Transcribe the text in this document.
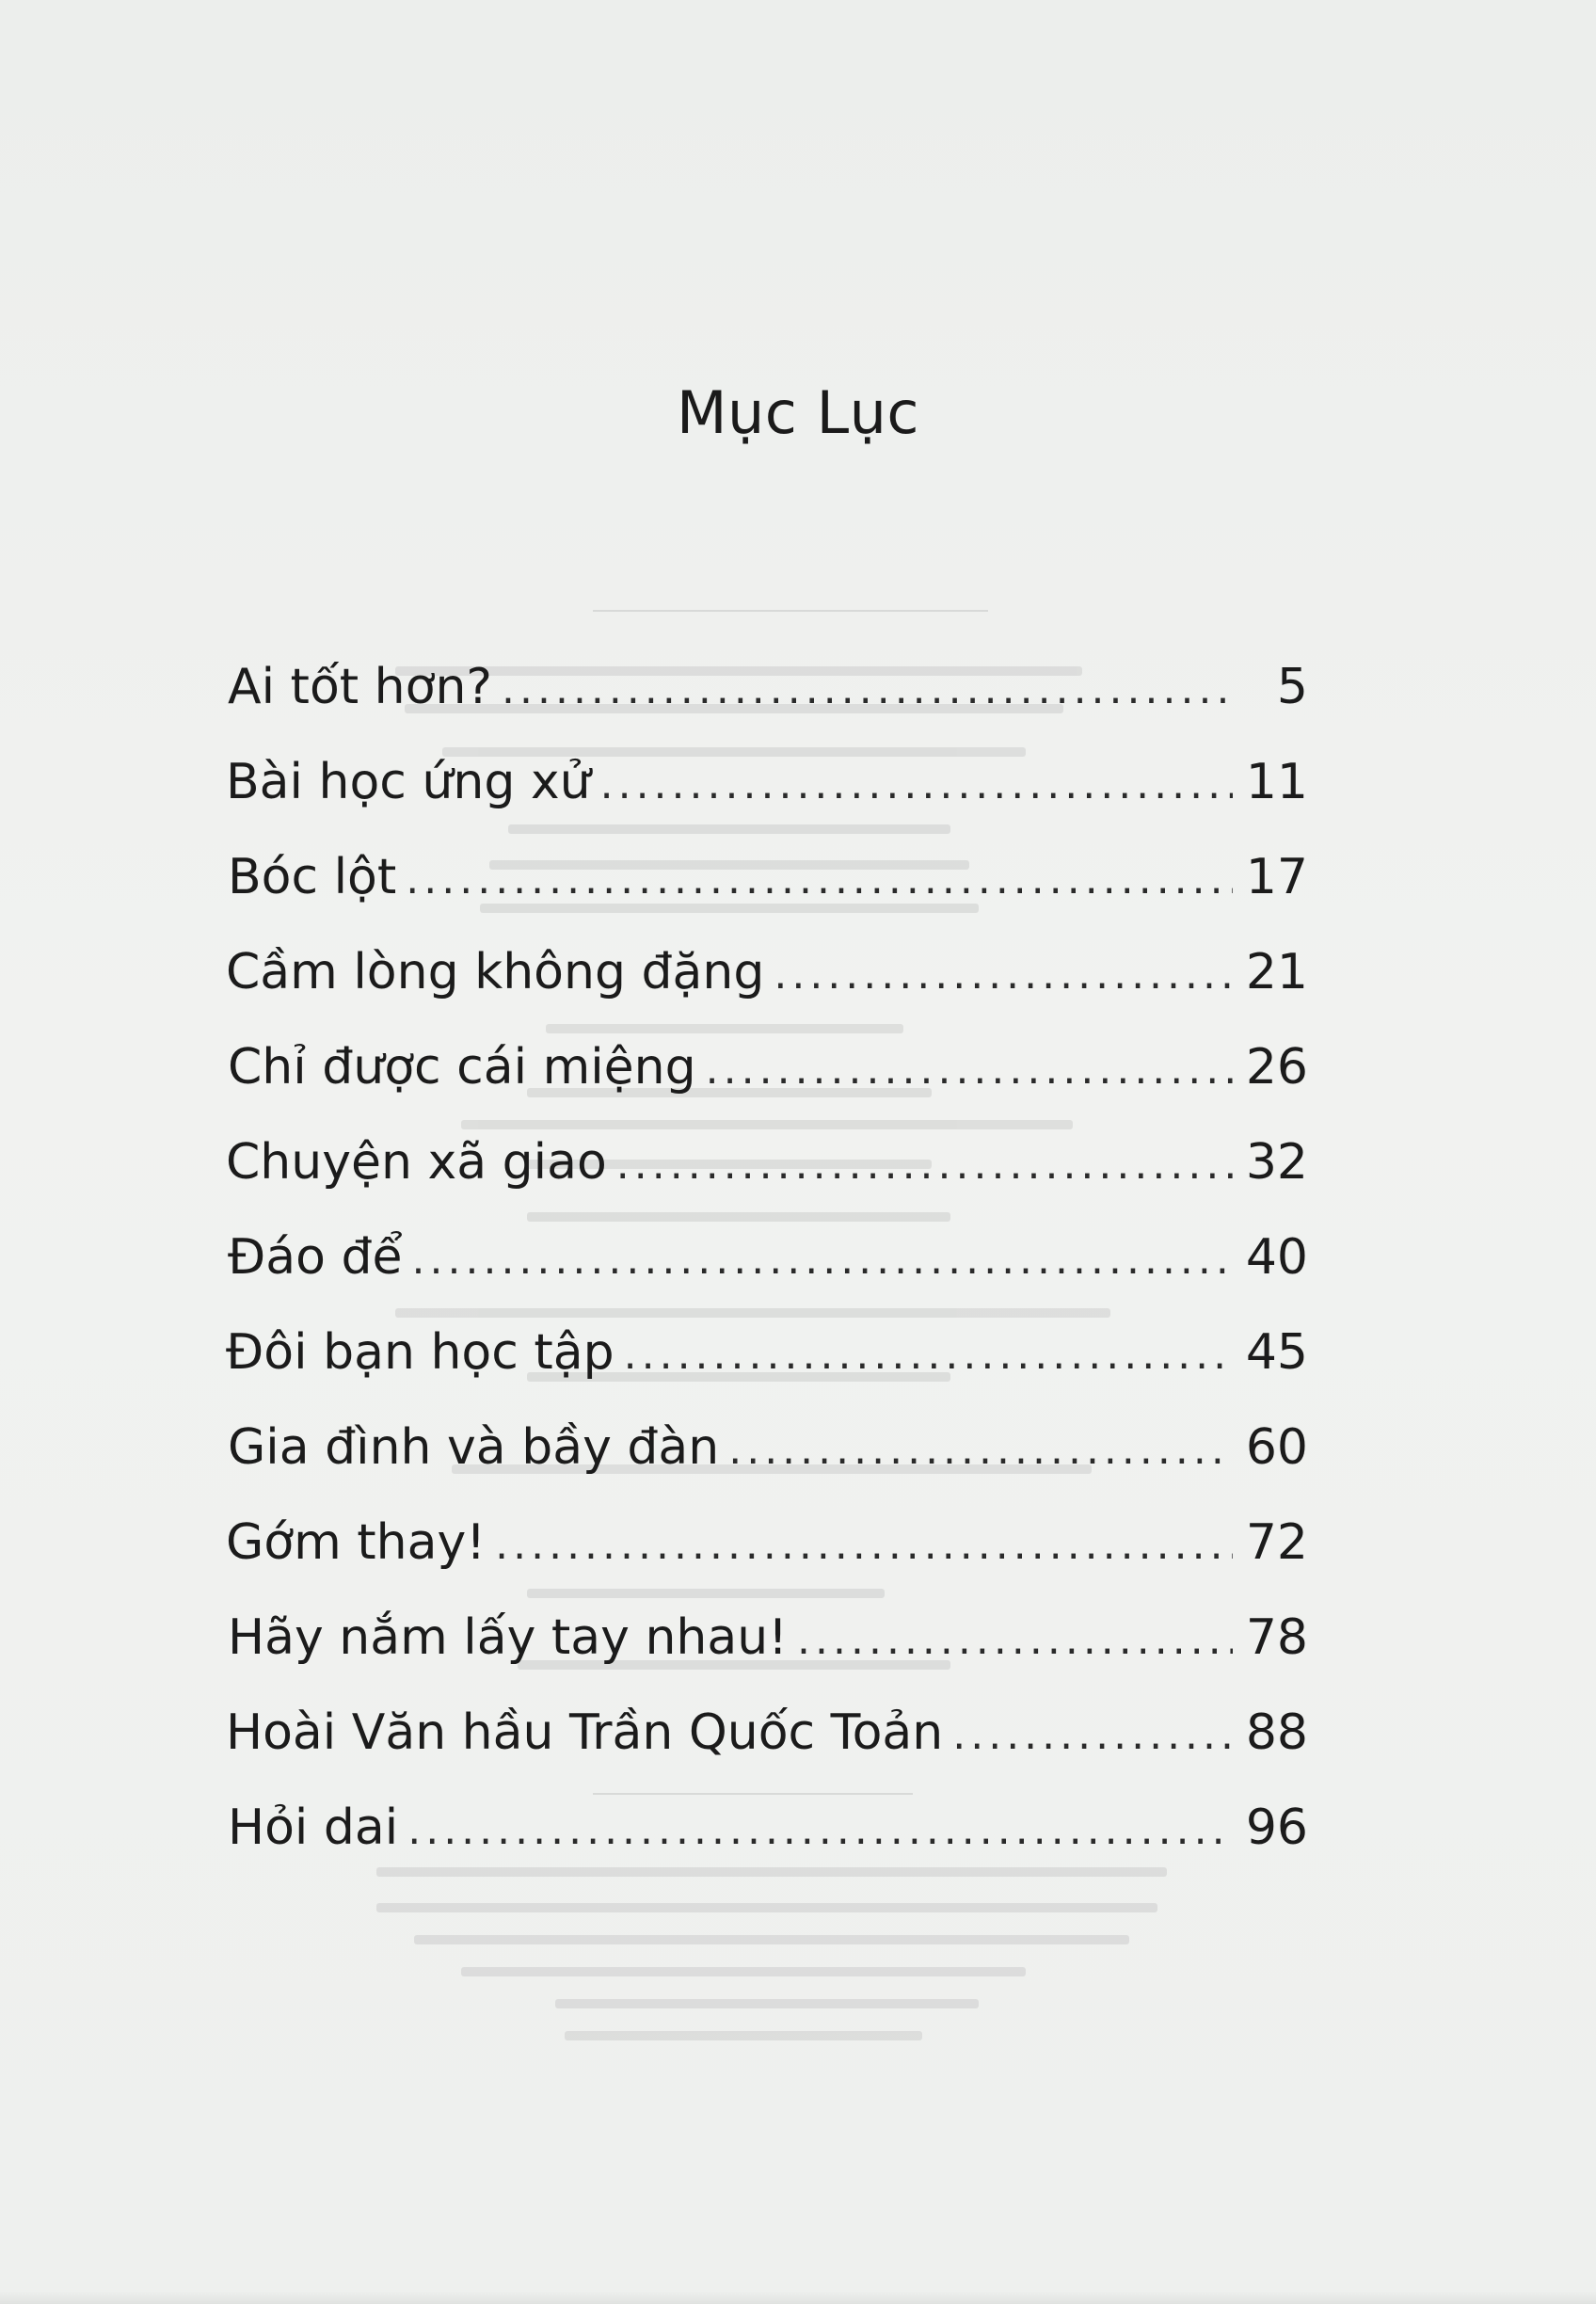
Mục Lục
Ai tốt hơn? .....	5
Bài học ứng xử .....	11
Bóc lột .....	17
Cầm lòng không đặng .....	21
Chỉ được cái miệng .....	26
Chuyện xã giao .....	32
Đáo để .....	40
Đôi bạn học tập .....	45
Gia đình và bầy đàn .....	60
Gớm thay! .....	72
Hãy nắm lấy tay nhau! .....	78
Hoài Văn hầu Trần Quốc Toản .....	88
Hỏi dai .....	96
